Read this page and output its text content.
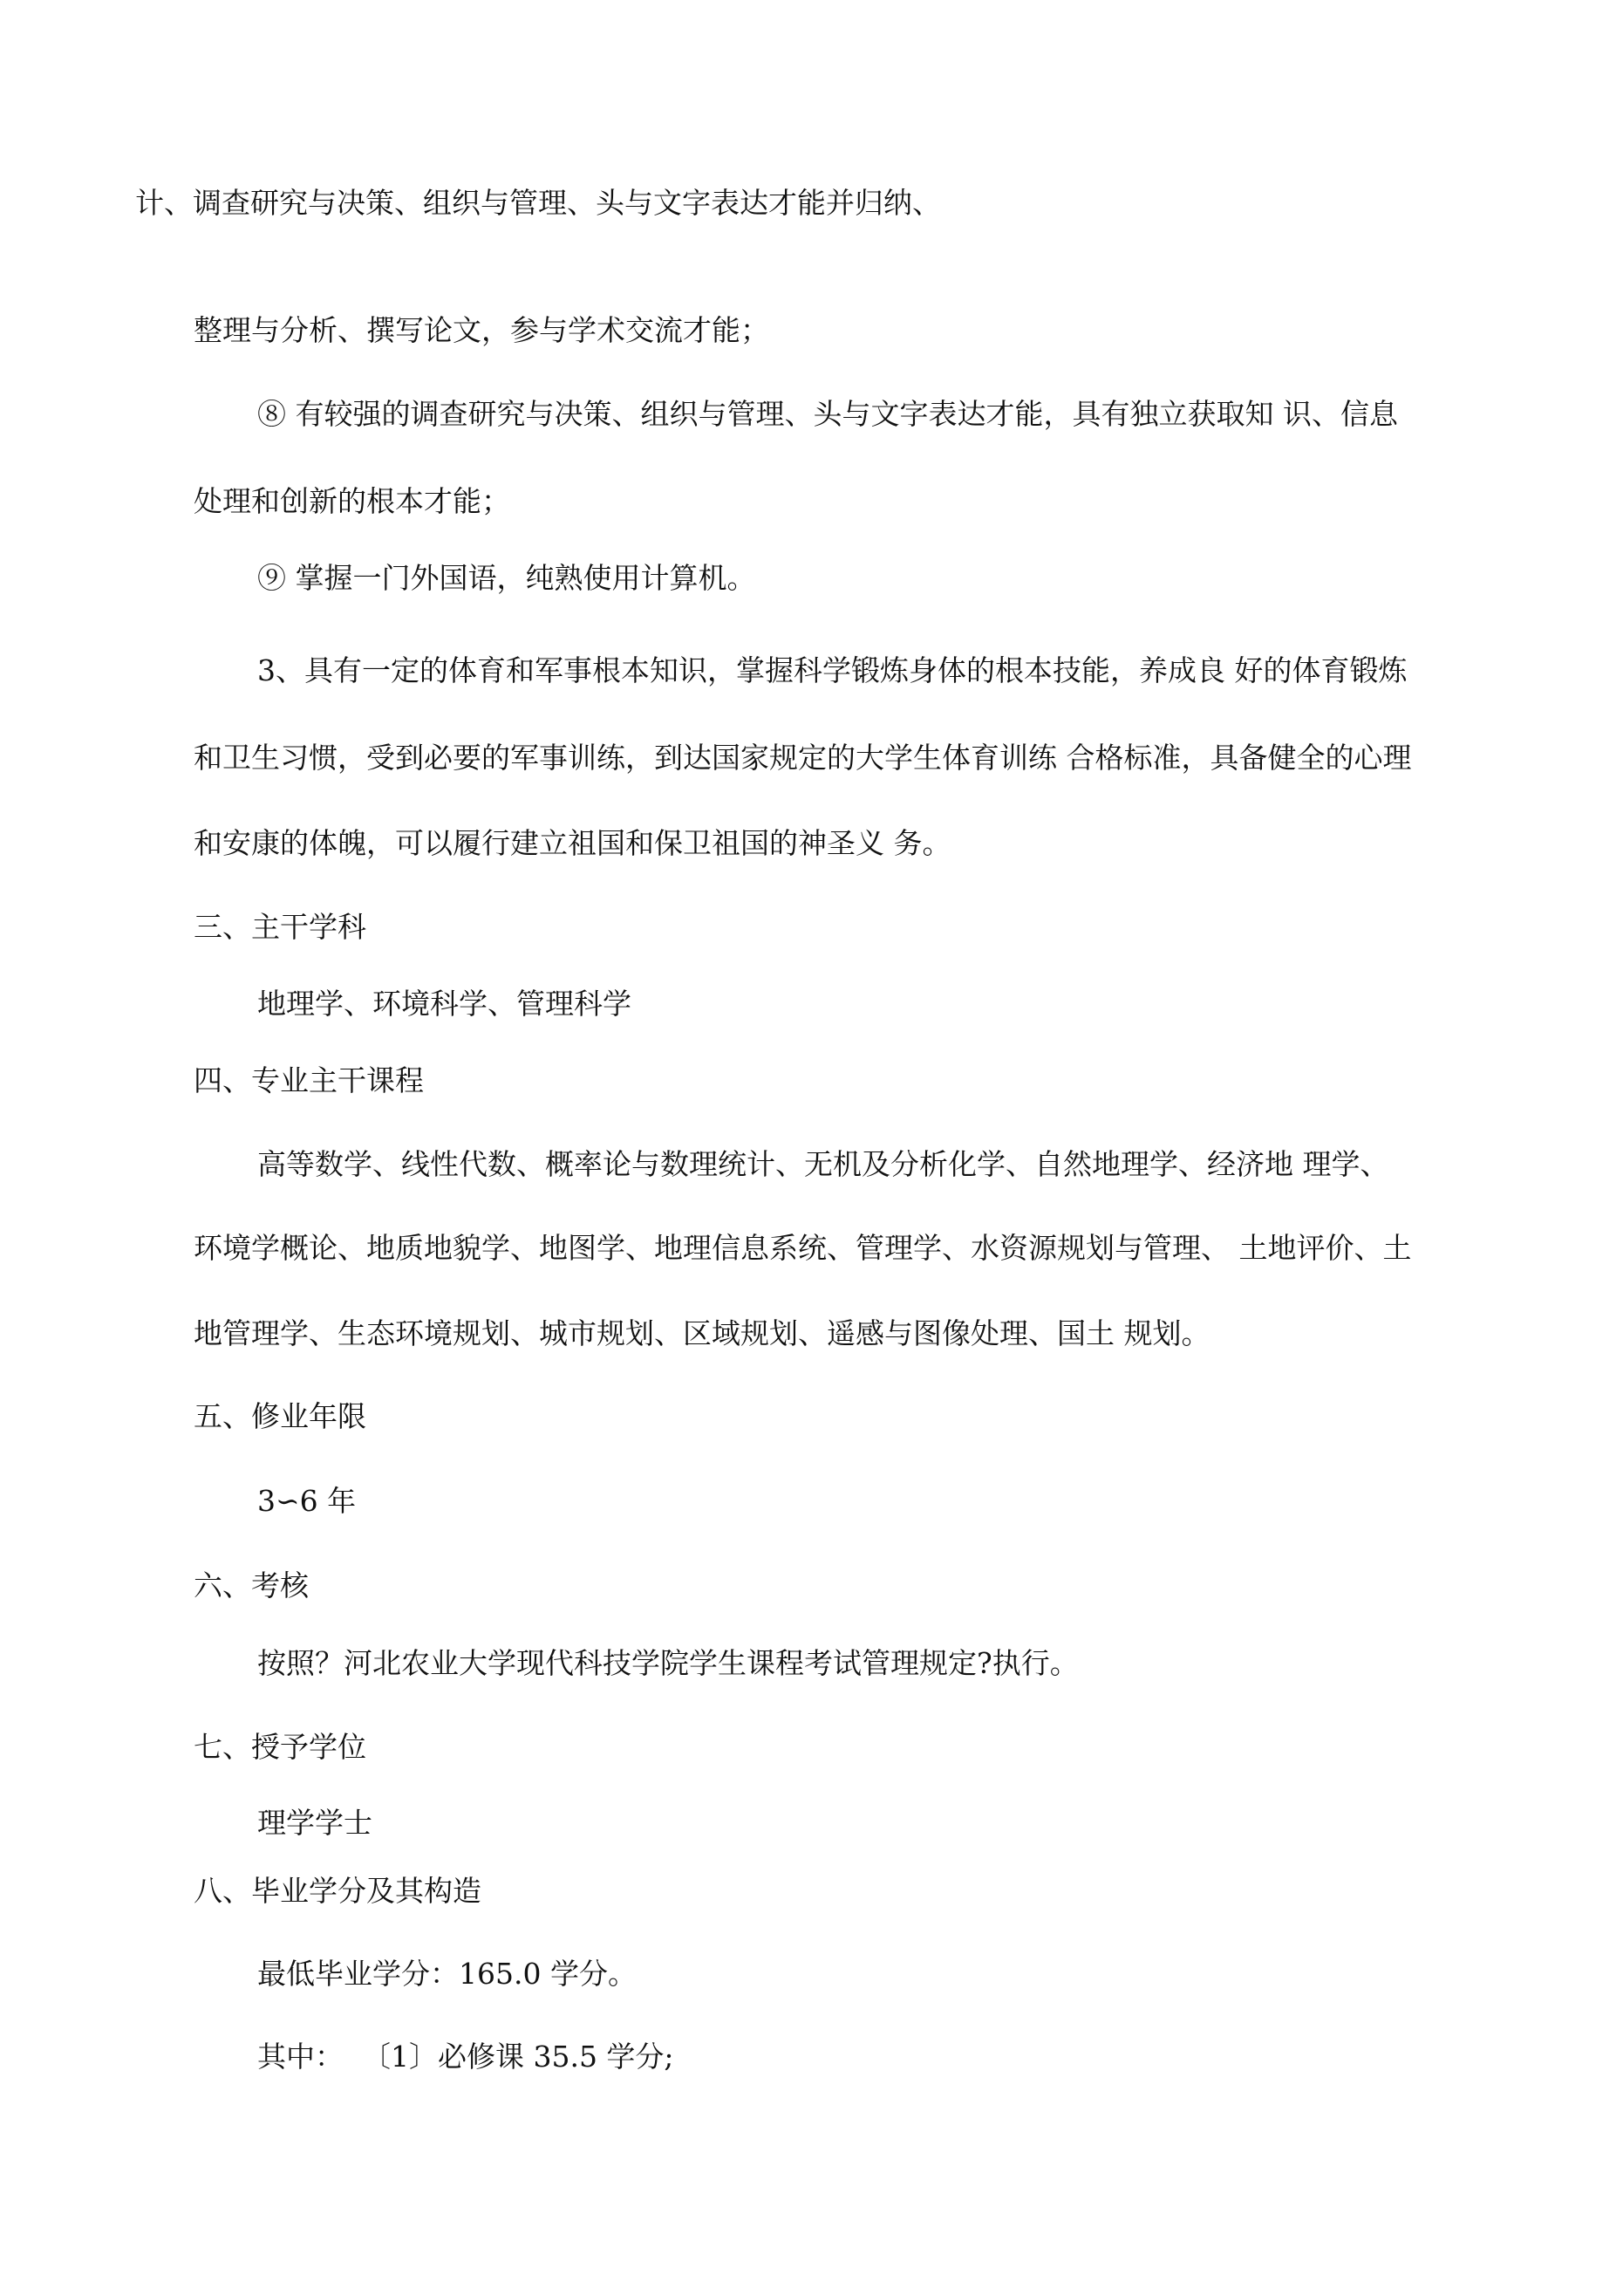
计、调查研究与决策、组织与管理、头与文字表达才能并归纳、

整理与分析、撰写论文，参与学术交流才能；

⑧ 有较强的调查研究与决策、组织与管理、头与文字表达才能，具有独立获取知 识、信息

处理和创新的根本才能；

⑨ 掌握一门外国语，纯熟使用计算机。

3、具有一定的体育和军事根本知识，掌握科学锻炼身体的根本技能，养成良 好的体育锻炼

和卫生习惯，受到必要的军事训练，到达国家规定的大学生体育训练 合格标准，具备健全的心理

和安康的体魄，可以履行建立祖国和保卫祖国的神圣义 务。

三、主干学科

地理学、环境科学、管理科学

四、专业主干课程

高等数学、线性代数、概率论与数理统计、无机及分析化学、自然地理学、经济地 理学、

环境学概论、地质地貌学、地图学、地理信息系统、管理学、水资源规划与管理、 土地评价、土

地管理学、生态环境规划、城市规划、区域规划、遥感与图像处理、国土 规划。

五、修业年限

3∽6 年

六、考核

按照？河北农业大学现代科技学院学生课程考试管理规定?执行。

七、授予学位

理学学士

八、毕业学分及其构造

最低毕业学分：165.0 学分。

其中：  〔1〕必修课 35.5 学分;
